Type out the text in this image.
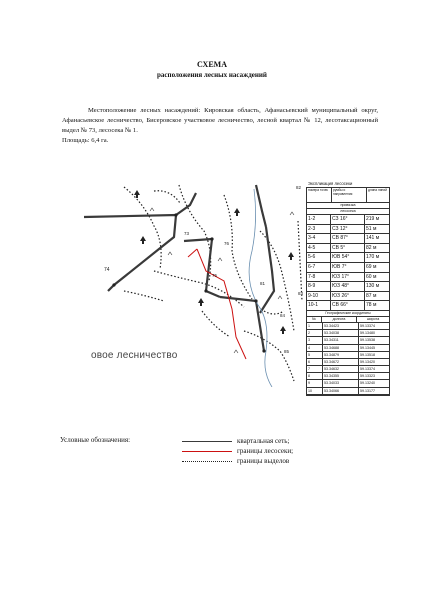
СХЕМА
расположения лесных насаждений
Местоположение лесных насаждений: Кировская область, Афанасьевский муниципальный округ, Афанасьевское лесничество, Бисеровское участковое лесничество, лесной квартал № 12, лесотаксационный выдел № 73, лесосека № 1.
Площадь: 6,4 га.
74
75
76
73
84
85
82
81
83
Экспликация лесосеки
номера точек	румбы и направления
длина линий
привязка
лесосека
1-2	СЗ 16°	219 м
2-3	СЗ 12°	51 м
3-4	СВ 87°	141 м
4-5	СВ 5°	82 м
5-6	ЮВ 54°	170 м
6-7	ЮВ 7°	69 м
7-8	ЮЗ 17°	60 м
8-9	ЮЗ 48°	130 м
9-10	ЮЗ 26°	87 м
10-1	СВ 66°	78 м
Географические координаты
№	долгота	широта
1	53.34423	59.13374
2	53.34038	59.13480
3	53.34311	59.13538
4	53.34688	59.13445
5	53.34879	59.13518
6	53.34672	59.13420
7	53.34632	59.13374
8	53.34355	59.13323
9	53.34033	59.13240
10	53.34066	59.13177
овое лесничество
Условные обозначения:	квартальная сеть;
границы лесосеки;
границы выделов
